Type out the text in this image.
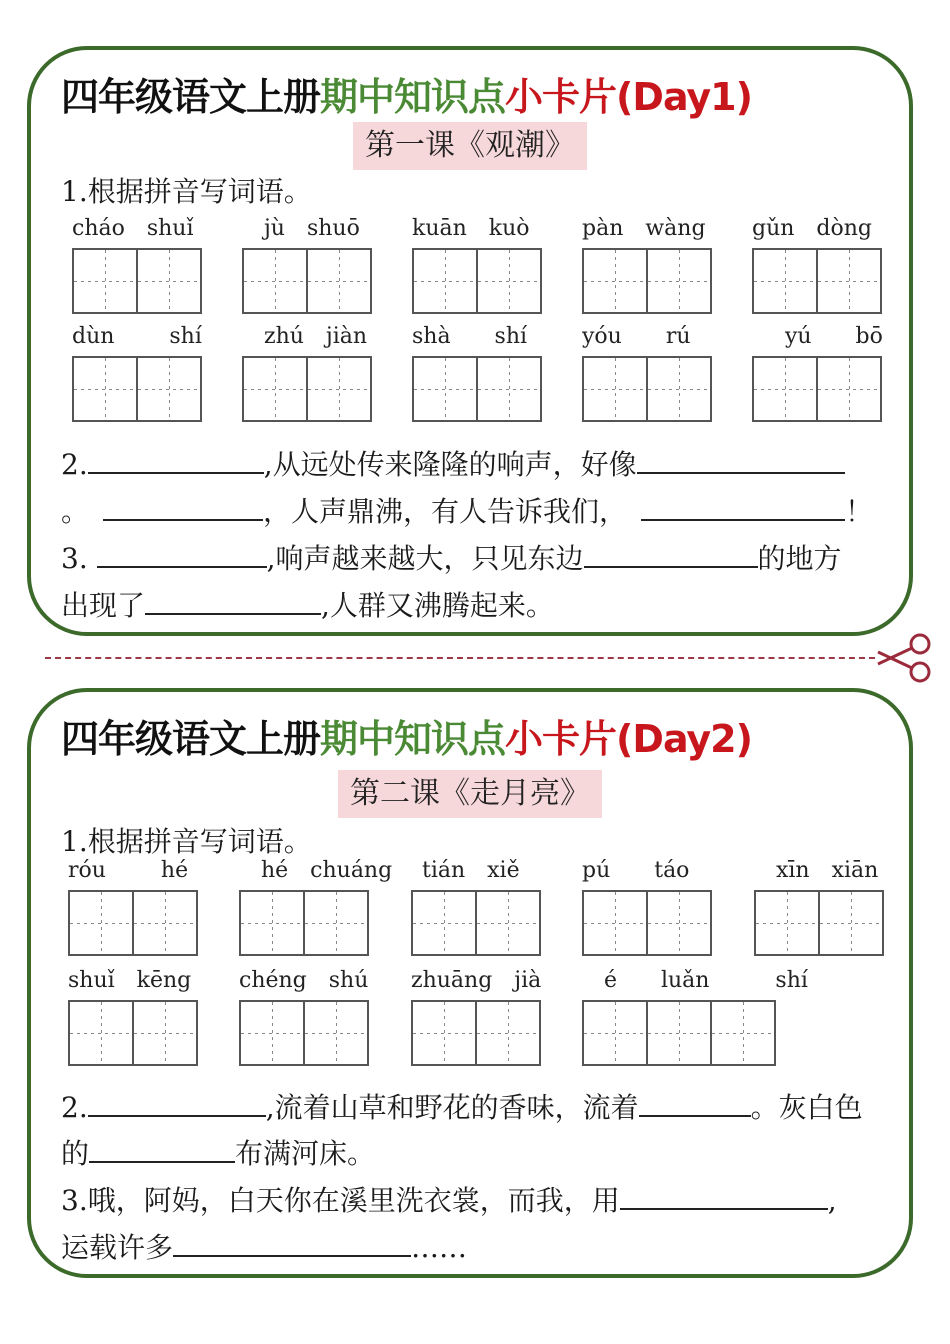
四年级语文上册期中知识点小卡片(Day1)
第一课《观潮》
1.根据拼音写词语。
cháo  shuǐ	jù  shuō	kuān  kuò	pàn  wàng	gǔn  dòng
dùn     shí	zhú  jiàn	shà    shí	yóu    rú	yú    bō
2.	,从远处传来隆隆的响声，好像
。	，人声鼎沸，有人告诉我们，	！
3.	,响声越来越大，只见东边	的地方
出现了	,人群又沸腾起来。
四年级语文上册期中知识点小卡片(Day2)
第二课《走月亮》
1.根据拼音写词语。
róu     hé	hé  chuáng tián  xiě	pú    táo	xīn  xiān
shuǐ  kēng	chéng  shú	zhuāng  jià	é    luǎn      shí
2.	,流着山草和野花的香味，流着	。灰白色
的	布满河床。
3.哦，阿妈，白天你在溪里洗衣裳，而我，用	,
运载许多	……
